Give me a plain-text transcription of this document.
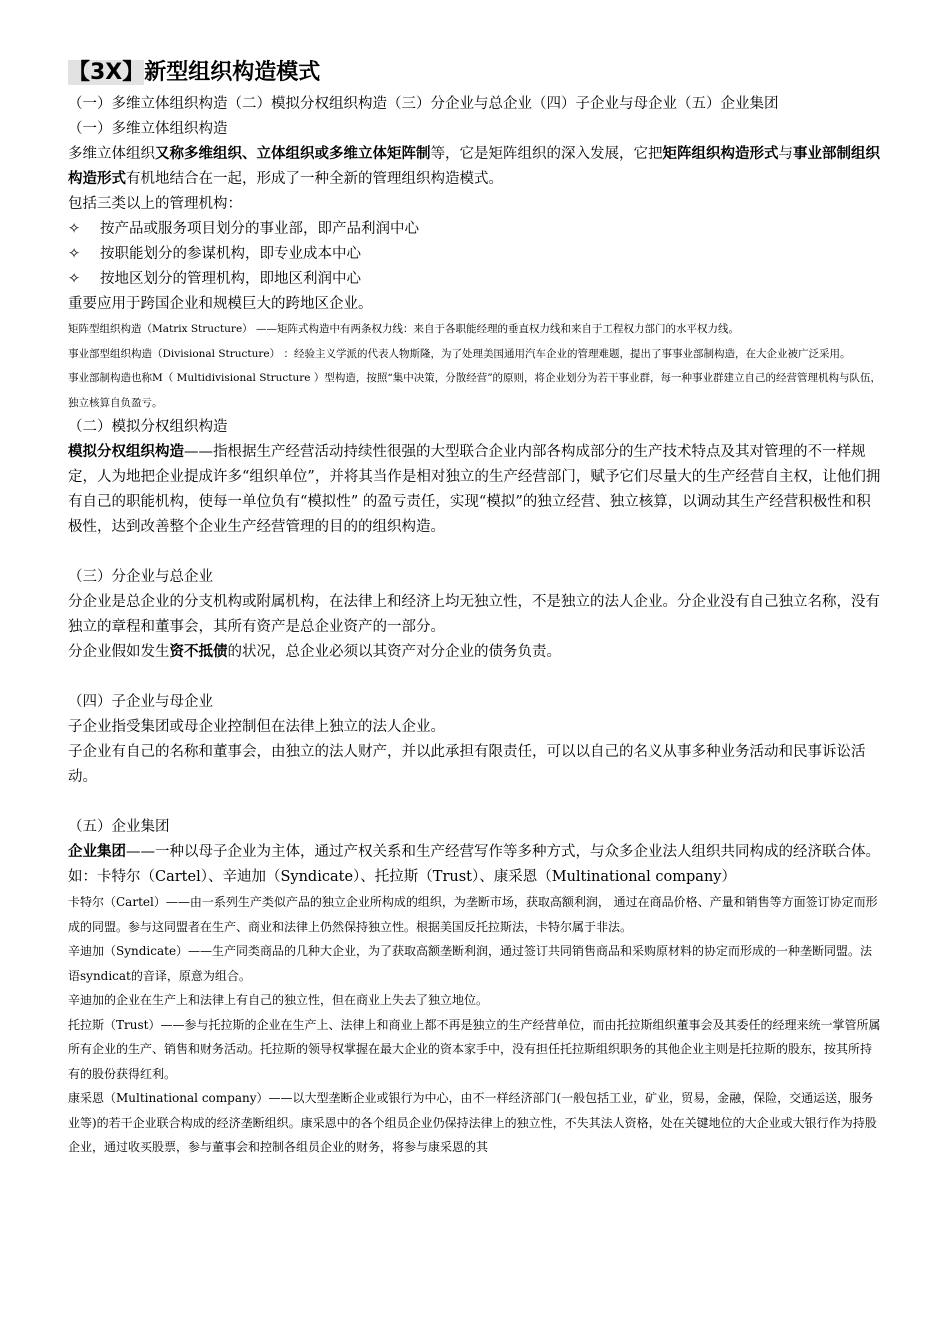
【3X】新型组织构造模式

（一）多维立体组织构造（二）模拟分权组织构造（三）分企业与总企业（四）子企业与母企业（五）企业集团

（一）多维立体组织构造

多维立体组织又称多维组织、立体组织或多维立体矩阵制等，它是矩阵组织的深入发展，它把矩阵组织构造形式与事业部制组织构造形式有机地结合在一起，形成了一种全新的管理组织构造模式。

包括三类以上的管理机构：

✧ 按产品或服务项目划分的事业部，即产品利润中心

✧ 按职能划分的参谋机构，即专业成本中心

✧ 按地区划分的管理机构，即地区利润中心

重要应用于跨国企业和规模巨大的跨地区企业。

矩阵型组织构造（Matrix Structure） ——矩阵式构造中有两条权力线：来自于各职能经理的垂直权力线和来自于工程权力部门的水平权力线。

事业部型组织构造（Divisional Structure） ：经验主义学派的代表人物斯隆，为了处理美国通用汽车企业的管理难题，提出了事事业部制构造，在大企业被广泛采用。

事业部制构造也称M（ Multidivisional Structure ）型构造，按照“集中决策，分散经营”的原则，将企业划分为若干事业群，每一种事业群建立自己的经营管理机构与队伍，独立核算自负盈亏。

（二）模拟分权组织构造

模拟分权组织构造——指根据生产经营活动持续性很强的大型联合企业内部各构成部分的生产技术特点及其对管理的不一样规定，人为地把企业提成许多“组织单位”，并将其当作是相对独立的生产经营部门，赋予它们尽量大的生产经营自主权，让他们拥有自己的职能机构，使每一单位负有“模拟性” 的盈亏责任，实现“模拟”的独立经营、独立核算，以调动其生产经营积极性和积极性，达到改善整个企业生产经营管理的目的的组织构造。

（三）分企业与总企业

分企业是总企业的分支机构或附属机构，在法律上和经济上均无独立性，不是独立的法人企业。分企业没有自己独立名称，没有独立的章程和董事会，其所有资产是总企业资产的一部分。

分企业假如发生资不抵债的状况，总企业必须以其资产对分企业的债务负责。

（四）子企业与母企业

子企业指受集团或母企业控制但在法律上独立的法人企业。

子企业有自己的名称和董事会，由独立的法人财产，并以此承担有限责任，可以以自己的名义从事多种业务活动和民事诉讼活动。

（五）企业集团

企业集团——一种以母子企业为主体，通过产权关系和生产经营写作等多种方式，与众多企业法人组织共同构成的经济联合体。如：卡特尔（Cartel）、辛迪加（Syndicate）、托拉斯（Trust）、康采恩（Multinational company）

卡特尔（Cartel）——由一系列生产类似产品的独立企业所构成的组织，为垄断市场，获取高额利润， 通过在商品价格、产量和销售等方面签订协定而形成的同盟。参与这同盟者在生产、商业和法律上仍然保持独立性。根据美国反托拉斯法，卡特尔属于非法。

辛迪加（Syndicate）——生产同类商品的几种大企业，为了获取高额垄断利润，通过签订共同销售商品和采购原材料的协定而形成的一种垄断同盟。法语syndicat的音译，原意为组合。

辛迪加的企业在生产上和法律上有自己的独立性，但在商业上失去了独立地位。

托拉斯（Trust）——参与托拉斯的企业在生产上、法律上和商业上都不再是独立的生产经营单位，而由托拉斯组织董事会及其委任的经理来统一掌管所属所有企业的生产、销售和财务活动。托拉斯的领导权掌握在最大企业的资本家手中，没有担任托拉斯组织职务的其他企业主则是托拉斯的股东，按其所持有的股份获得红利。

康采恩（Multinational company）——以大型垄断企业或银行为中心，由不一样经济部门(一般包括工业，矿业，贸易，金融，保险，交通运送，服务业等)的若干企业联合构成的经济垄断组织。康采恩中的各个组员企业仍保持法律上的独立性，不失其法人资格，处在关键地位的大企业或大银行作为持股企业，通过收买股票，参与董事会和控制各组员企业的财务，将参与康采恩的其
